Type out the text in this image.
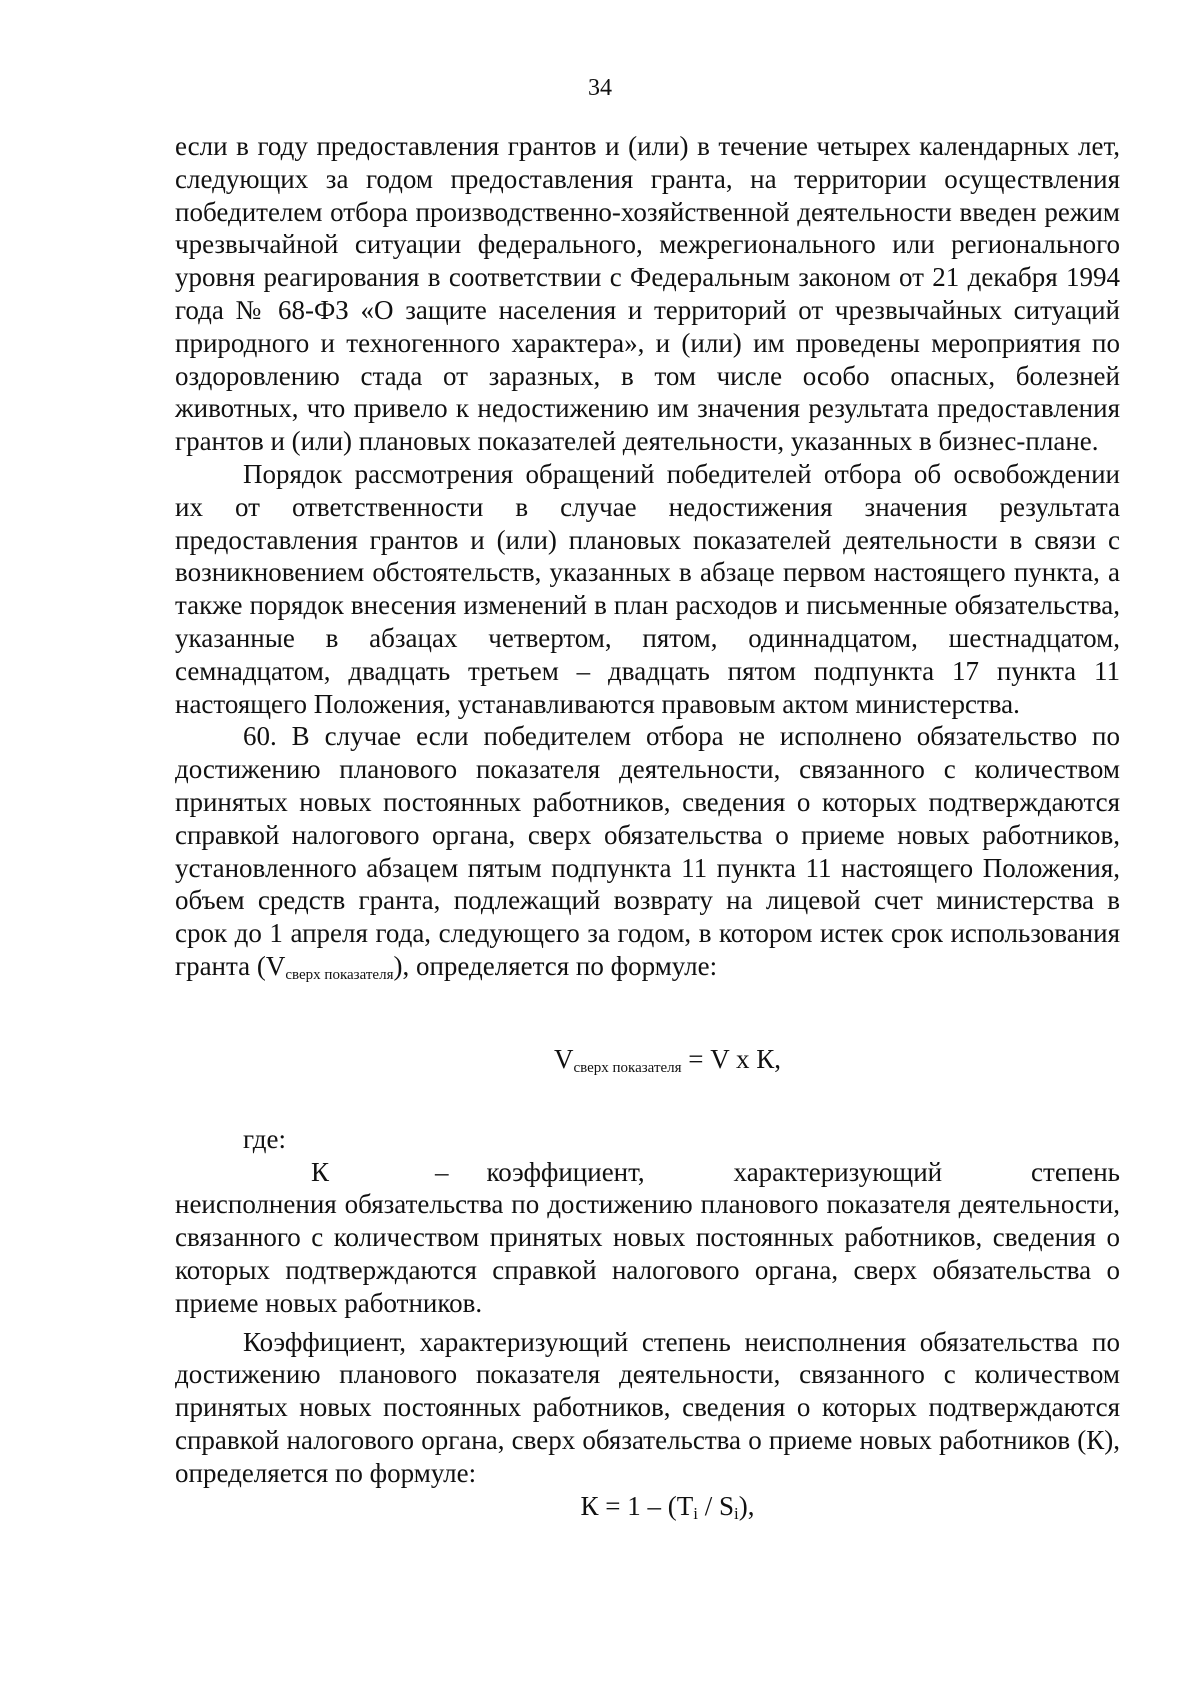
34

если в году предоставления грантов и (или) в течение четырех календарных лет, следующих за годом предоставления гранта, на территории осуществления победителем отбора производственно-хозяйственной деятельности введен режим чрезвычайной ситуации федерального, межрегионального или регионального уровня реагирования в соответствии с Федеральным законом от 21 декабря 1994 года № 68-ФЗ «О защите населения и территорий от чрезвычайных ситуаций природного и техногенного характера», и (или) им проведены мероприятия по оздоровлению стада от заразных, в том числе особо опасных, болезней животных, что привело к недостижению им значения результата предоставления грантов и (или) плановых показателей деятельности, указанных в бизнес-плане.

Порядок рассмотрения обращений победителей отбора об освобождении их от ответственности в случае недостижения значения результата предоставления грантов и (или) плановых показателей деятельности в связи с возникновением обстоятельств, указанных в абзаце первом настоящего пункта, а также порядок внесения изменений в план расходов и письменные обязательства, указанные в абзацах четвертом, пятом, одиннадцатом, шестнадцатом, семнадцатом, двадцать третьем – двадцать пятом подпункта 17 пункта 11 настоящего Положения, устанавливаются правовым актом министерства.

60. В случае если победителем отбора не исполнено обязательство по достижению планового показателя деятельности, связанного с количеством принятых новых постоянных работников, сведения о которых подтверждаются справкой налогового органа, сверх обязательства о приеме новых работников, установленного абзацем пятым подпункта 11 пункта 11 настоящего Положения, объем средств гранта, подлежащий возврату на лицевой счет министерства в срок до 1 апреля года, следующего за годом, в котором истек срок использования гранта (Vсверх показателя), определяется по формуле:

Vсверх показателя = V x К,

где:

К	– коэффициент, характеризующий степень неисполнения обязательства по достижению планового показателя деятельности, связанного с количеством принятых новых постоянных работников, сведения о которых подтверждаются справкой налогового органа, сверх обязательства о приеме новых работников.

Коэффициент, характеризующий степень неисполнения обязательства по достижению планового показателя деятельности, связанного с количеством принятых новых постоянных работников, сведения о которых подтверждаются справкой налогового органа, сверх обязательства о приеме новых работников (К), определяется по формуле:

К = 1 – (Ti / Si),
